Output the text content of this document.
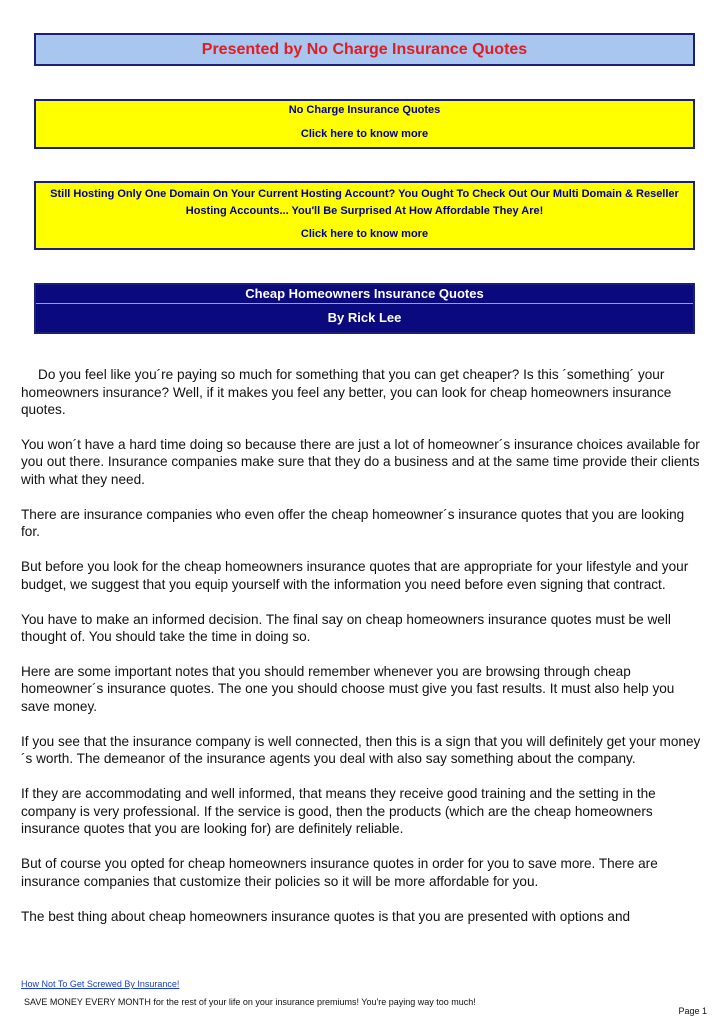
Presented by No Charge Insurance Quotes
No Charge Insurance Quotes
Click here to know more
Still Hosting Only One Domain On Your Current Hosting Account? You Ought To Check Out Our Multi Domain & Reseller Hosting Accounts... You'll Be Surprised At How Affordable They Are!
Click here to know more
Cheap Homeowners Insurance Quotes
By Rick Lee

Do you feel like you´re paying so much for something that you can get cheaper? Is this ´something´ your homeowners insurance? Well, if it makes you feel any better, you can look for cheap homeowners insurance quotes.

You won´t have a hard time doing so because there are just a lot of homeowner´s insurance choices available for you out there. Insurance companies make sure that they do a business and at the same time provide their clients with what they need.

There are insurance companies who even offer the cheap homeowner´s insurance quotes that you are looking for.

But before you look for the cheap homeowners insurance quotes that are appropriate for your lifestyle and your budget, we suggest that you equip yourself with the information you need before even signing that contract.

You have to make an informed decision. The final say on cheap homeowners insurance quotes must be well thought of. You should take the time in doing so.

Here are some important notes that you should remember whenever you are browsing through cheap homeowner´s insurance quotes. The one you should choose must give you fast results. It must also help you save money.

If you see that the insurance company is well connected, then this is a sign that you will definitely get your money´s worth. The demeanor of the insurance agents you deal with also say something about the company.

If they are accommodating and well informed, that means they receive good training and the setting in the company is very professional. If the service is good, then the products (which are the cheap homeowners insurance quotes that you are looking for) are definitely reliable.

But of course you opted for cheap homeowners insurance quotes in order for you to save more. There are insurance companies that customize their policies so it will be more affordable for you.

The best thing about cheap homeowners insurance quotes is that you are presented with options and

How Not To Get Screwed By Insurance!
SAVE MONEY EVERY MONTH for the rest of your life on your insurance premiums! You're paying way too much!
Page 1
